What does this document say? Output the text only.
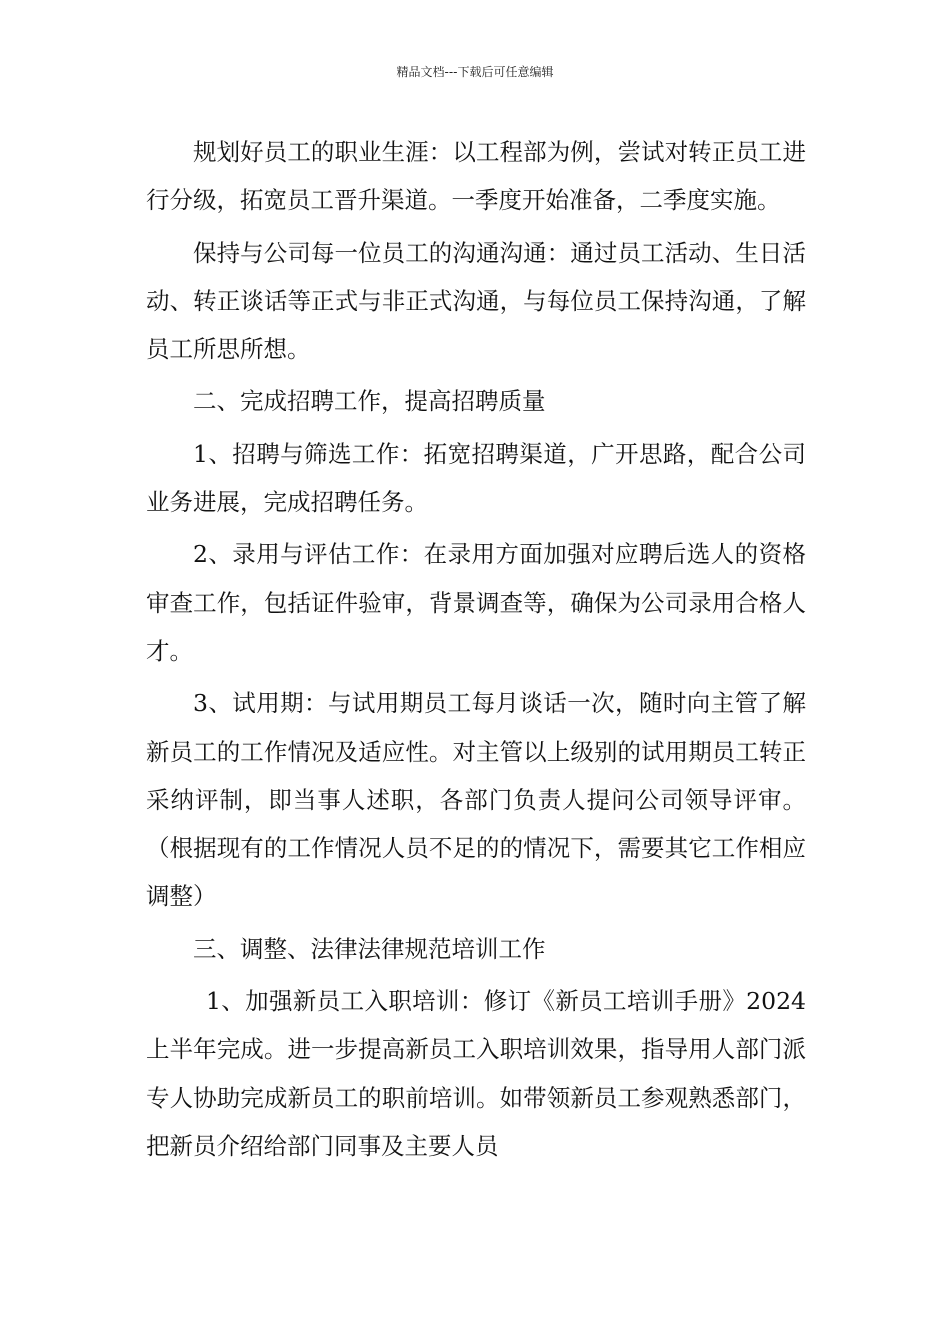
精品文档---下载后可任意编辑

规划好员工的职业生涯：以工程部为例，尝试对转正员工进行分级，拓宽员工晋升渠道。一季度开始准备，二季度实施。

保持与公司每一位员工的沟通沟通：通过员工活动、生日活动、转正谈话等正式与非正式沟通，与每位员工保持沟通，了解员工所思所想。

二、完成招聘工作，提高招聘质量

1、招聘与筛选工作：拓宽招聘渠道，广开思路，配合公司业务进展，完成招聘任务。

2、录用与评估工作：在录用方面加强对应聘后选人的资格审查工作，包括证件验审，背景调查等，确保为公司录用合格人才。

3、试用期：与试用期员工每月谈话一次，随时向主管了解新员工的工作情况及适应性。对主管以上级别的试用期员工转正采纳评制，即当事人述职，各部门负责人提问公司领导评审。（根据现有的工作情况人员不足的的情况下，需要其它工作相应调整）

三、调整、法律法律规范培训工作

1、加强新员工入职培训：修订《新员工培训手册》2024上半年完成。进一步提高新员工入职培训效果，指导用人部门派专人协助完成新员工的职前培训。如带领新员工参观熟悉部门，把新员介绍给部门同事及主要人员
